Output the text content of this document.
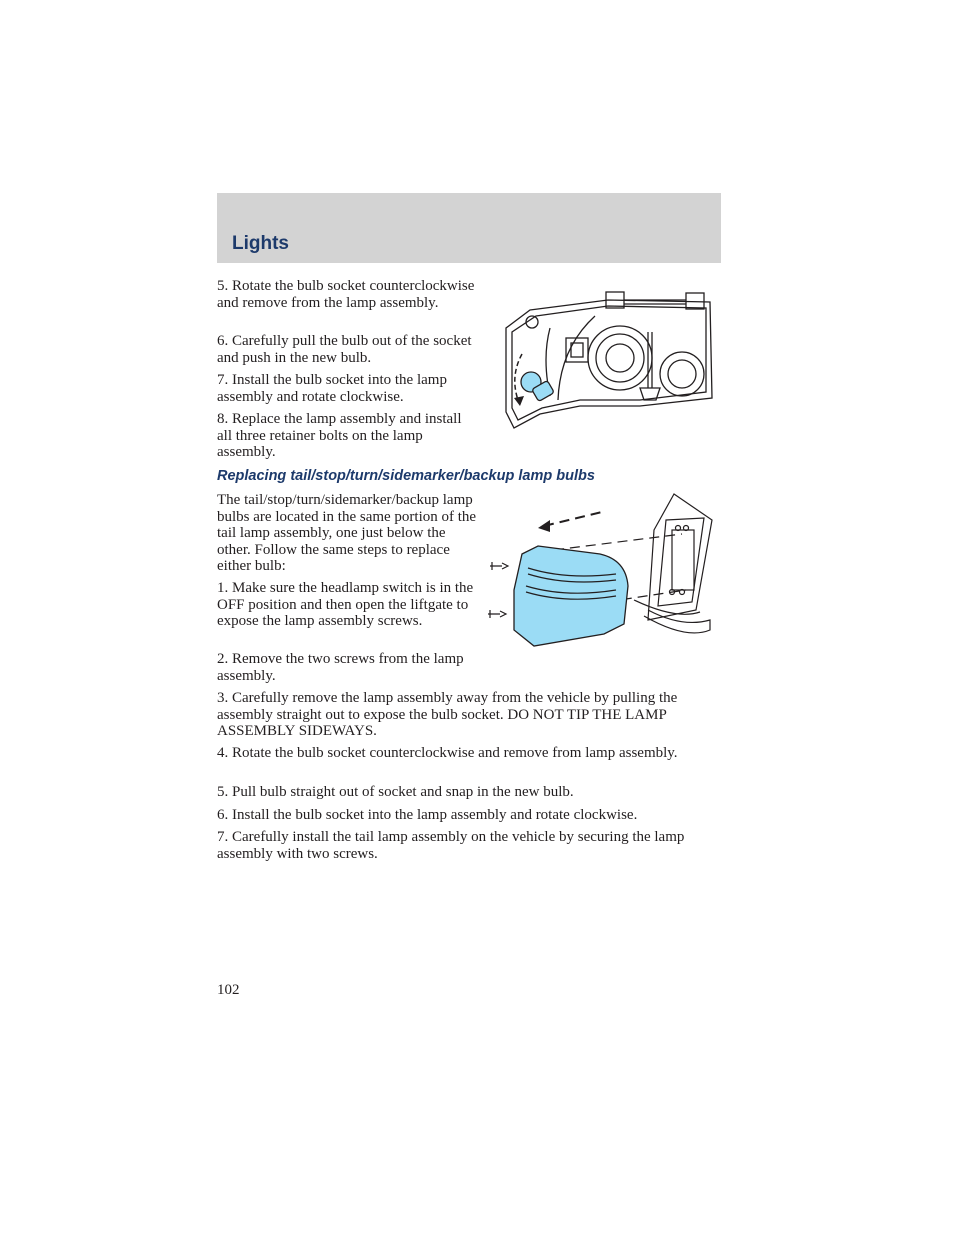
Lights

5. Rotate the bulb socket counterclockwise and remove from the lamp assembly.

6. Carefully pull the bulb out of the socket and push in the new bulb.

7. Install the bulb socket into the lamp assembly and rotate clockwise.

8. Replace the lamp assembly and install all three retainer bolts on the lamp assembly.

Replacing tail/stop/turn/sidemarker/backup lamp bulbs

The tail/stop/turn/sidemarker/backup lamp bulbs are located in the same portion of the tail lamp assembly, one just below the other. Follow the same steps to replace either bulb:

1. Make sure the headlamp switch is in the OFF position and then open the liftgate to expose the lamp assembly screws.

2. Remove the two screws from the lamp assembly.

3. Carefully remove the lamp assembly away from the vehicle by pulling the assembly straight out to expose the bulb socket. DO NOT TIP THE LAMP ASSEMBLY SIDEWAYS.

4. Rotate the bulb socket counterclockwise and remove from lamp assembly.

5. Pull bulb straight out of socket and snap in the new bulb.

6. Install the bulb socket into the lamp assembly and rotate clockwise.

7. Carefully install the tail lamp assembly on the vehicle by securing the lamp assembly with two screws.

102
